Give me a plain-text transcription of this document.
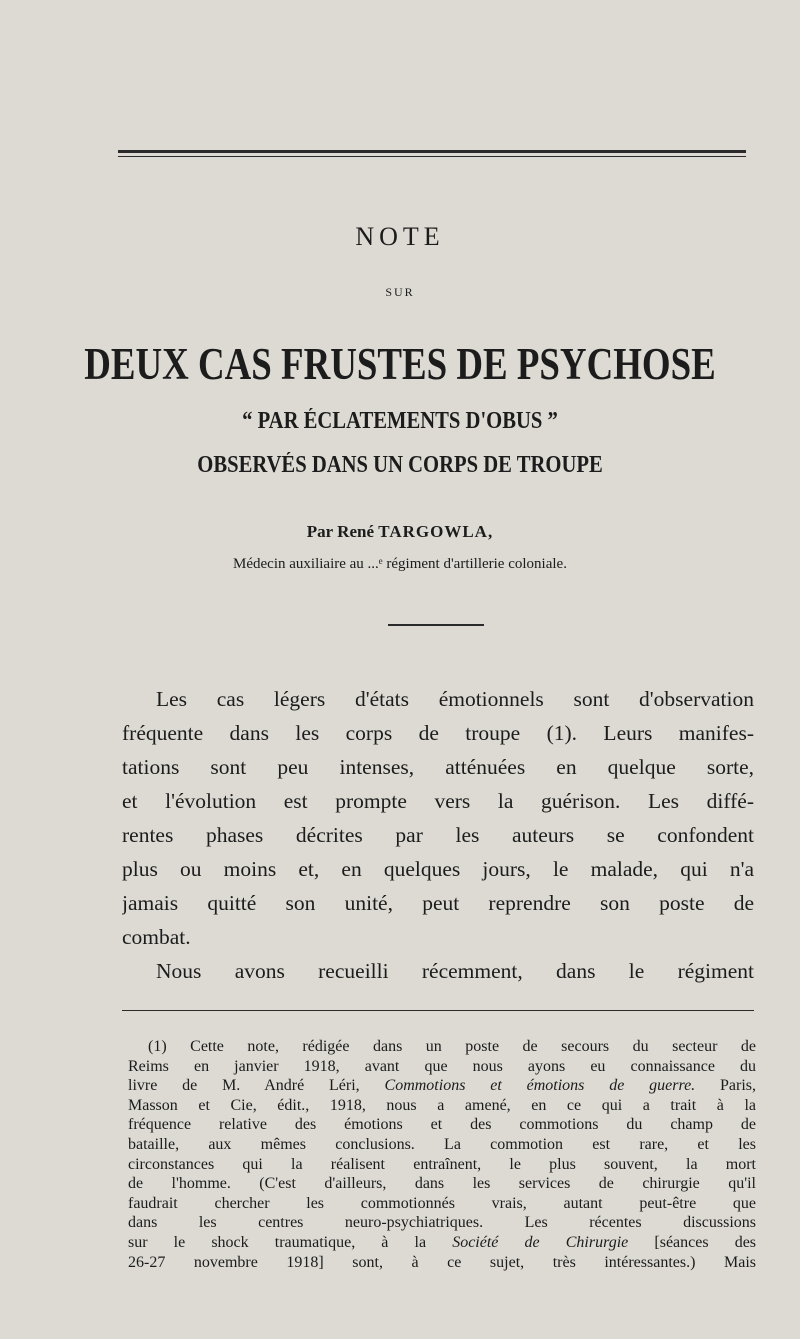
NOTE
SUR
DEUX CAS FRUSTES DE PSYCHOSE
“ PAR ÉCLATEMENTS D'OBUS ”
OBSERVÉS DANS UN CORPS DE TROUPE
Par René TARGOWLA,
Médecin auxiliaire au ...ᵉ régiment d'artillerie coloniale.
Les cas légers d'états émotionnels sont d'observation
fréquente dans les corps de troupe (1). Leurs manifes-
tations sont peu intenses, atténuées en quelque sorte,
et l'évolution est prompte vers la guérison. Les diffé-
rentes phases décrites par les auteurs se confondent
plus ou moins et, en quelques jours, le malade, qui n'a
jamais quitté son unité, peut reprendre son poste de
combat.
Nous avons recueilli récemment, dans le régiment
(1) Cette note, rédigée dans un poste de secours du secteur de
Reims en janvier 1918, avant que nous ayons eu connaissance du
livre de M. André Léri, Commotions et émotions de guerre. Paris,
Masson et Cie, édit., 1918, nous a amené, en ce qui a trait à la
fréquence relative des émotions et des commotions du champ de
bataille, aux mêmes conclusions. La commotion est rare, et les
circonstances qui la réalisent entraînent, le plus souvent, la mort
de l'homme. (C'est d'ailleurs, dans les services de chirurgie qu'il
faudrait chercher les commotionnés vrais, autant peut-être que
dans les centres neuro-psychiatriques. Les récentes discussions
sur le shock traumatique, à la Société de Chirurgie [séances des
26-27 novembre 1918] sont, à ce sujet, très intéressantes.) Mais
